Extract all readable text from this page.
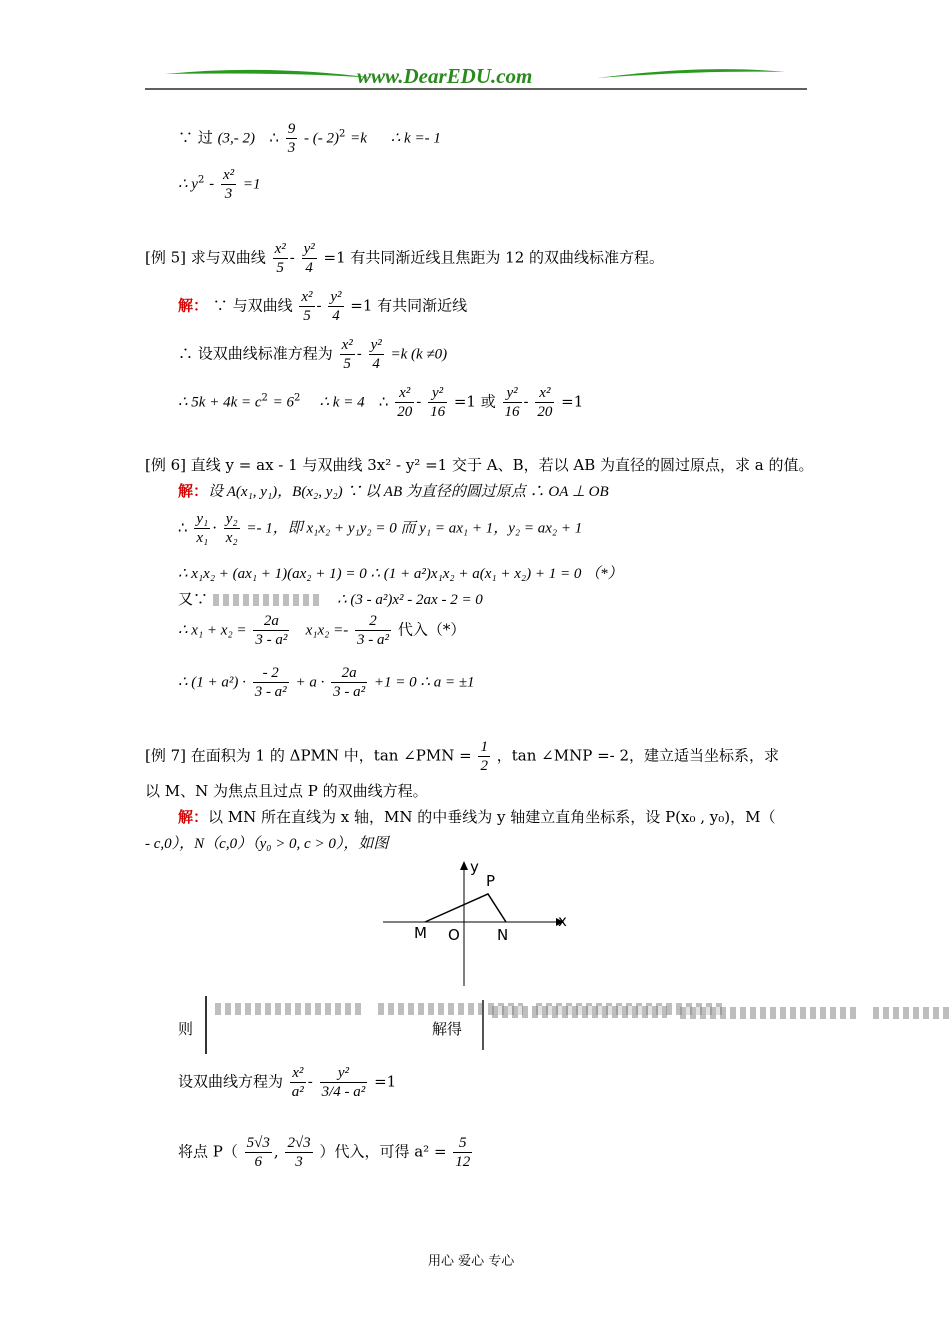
www.DearEDU.com
∵ 过 (3,- 2) ∴ $\frac{9}{3}$ - (- 2)$^2$ =k ∴ k =- 1
∴ $y^2 - \frac{\text{x²}}{3} =1$
[例 5] 求与双曲线 $\frac{\text{x²}}{5} - \frac{\text{y²}}{4} =1$ 有共同渐近线且焦距为 12 的双曲线标准方程。
解： ∵ 与双曲线 $\frac{\text{x²}}{5} - \frac{\text{y²}}{4} =1$ 有共同渐近线
∴ 设双曲线标准方程为 $\frac{\text{x²}}{5} - \frac{\text{y²}}{4} =k$ (k ≠0)
∴ $5k + 4k = c^2 = 6^2$ ∴ k = 4 ∴ $\frac{\text{x²}}{20} - \frac{\text{y²}}{16} =1$ 或 $\frac{\text{y²}}{16} - \frac{\text{x²}}{20} =1$
[例 6] 直线 y = ax - 1 与双曲线 3x² - y² =1 交于 A、B，若以 AB 为直径的圆过原点，求 a 的值。
解：设 A(x₁, y₁)，B(x₂, y₂) ∵ 以 AB 为直径的圆过原点 ∴ OA ⊥ OB
∴ $\frac{\text{y₁}}{\text{x₁}} \cdot \frac{\text{y₂}}{\text{x₂}} =- 1$，即 x₁x₂ + y₁y₂ = 0 而 y₁ = ax₁ + 1，y₂ = ax₂ + 1
∴ x₁x₂ + (ax₁ + 1)(ax₂ + 1) = 0 ∴ (1 + a²)x₁x₂ + a(x₁ + x₂) + 1 = 0 （*）
又∵	∴ (3 - a²)x² - 2ax - 2 = 0
∴ $x_1 + x_2 = \frac{2a}{\text{3 - a²}} x_1x_2 =- \frac{2}{\text{3 - a²}}$ 代入（*）
∴ $(1 + a^2) \cdot \frac{- 2}{\text{3 - a²}} + a \cdot \frac{2a}{\text{3 - a²}} +1 = 0$ ∴ a = ±1
[例 7] 在面积为 1 的 ΔPMN 中，tan ∠PMN = $\frac{1}{2}$ ，tan ∠MNP =- 2，建立适当坐标系，求
以 M、N 为焦点且过点 P 的双曲线方程。
解：以 MN 所在直线为 x 轴，MN 的中垂线为 y 轴建立直角坐标系，设 P(x₀ , y₀)，M（
- c,0），N（c,0）（y₀ > 0, c > 0），如图
y
x
P
M O N
则
	解得

设双曲线方程为 $\frac{\text{x²}}{\text{a²}} - \frac{\text{y²}}{\text{3/4 - a²}} =1$
将点 $P( \frac{5√3}{6}$ , $\frac{2√3}{3}$ ）代入，可得 $a^2 = \frac{5}{12}$
用心 爱心 专心
